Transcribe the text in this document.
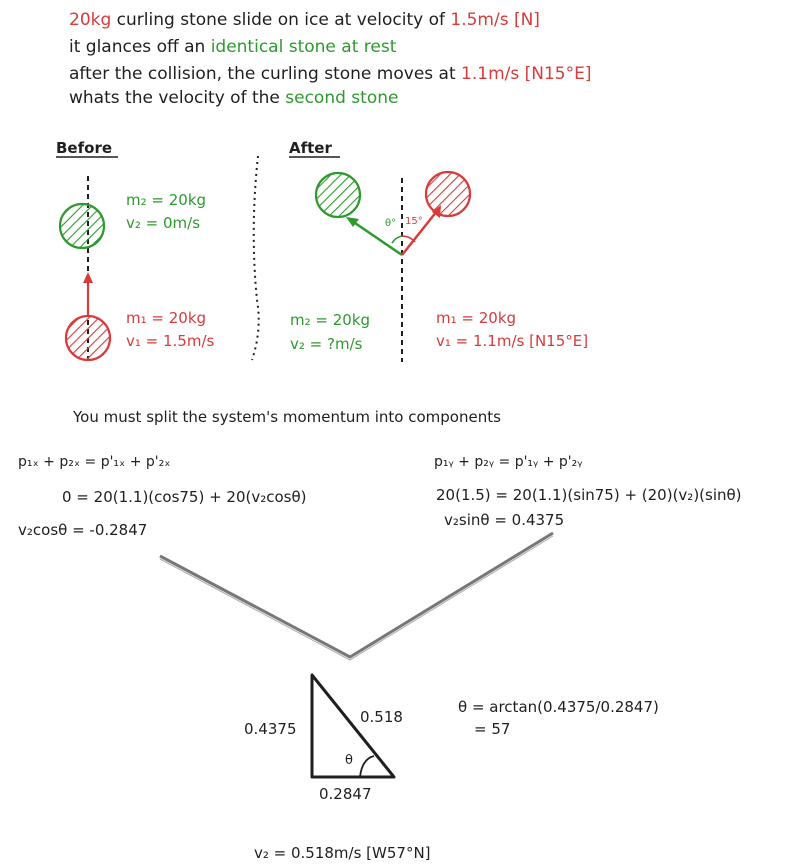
20kg curling stone slide on ice at velocity of 1.5m/s [N]
it glances off an identical stone at rest
after the collision, the curling stone moves at 1.1m/s [N15°E]
whats the velocity of the second stone
Before
m₂ = 20kg
v₂ = 0m/s
m₁ = 20kg
v₁ = 1.5m/s
After
θ° 15°
m₂ = 20kg
v₂ = ?m/s
m₁ = 20kg
v₁ = 1.1m/s [N15°E]
You must split the system's momentum into components
p₁ₓ + p₂ₓ = p'₁ₓ + p'₂ₓ
0 = 20(1.1)(cos75) + 20(v₂cosθ)
v₂cosθ = -0.2847
p₁ᵧ + p₂ᵧ = p'₁ᵧ + p'₂ᵧ
20(1.5) = 20(1.1)(sin75) + (20)(v₂)(sinθ)
v₂sinθ = 0.4375
0.4375
0.518
0.2847
θ
θ = arctan(0.4375/0.2847)
= 57
v₂ = 0.518m/s [W57°N]
